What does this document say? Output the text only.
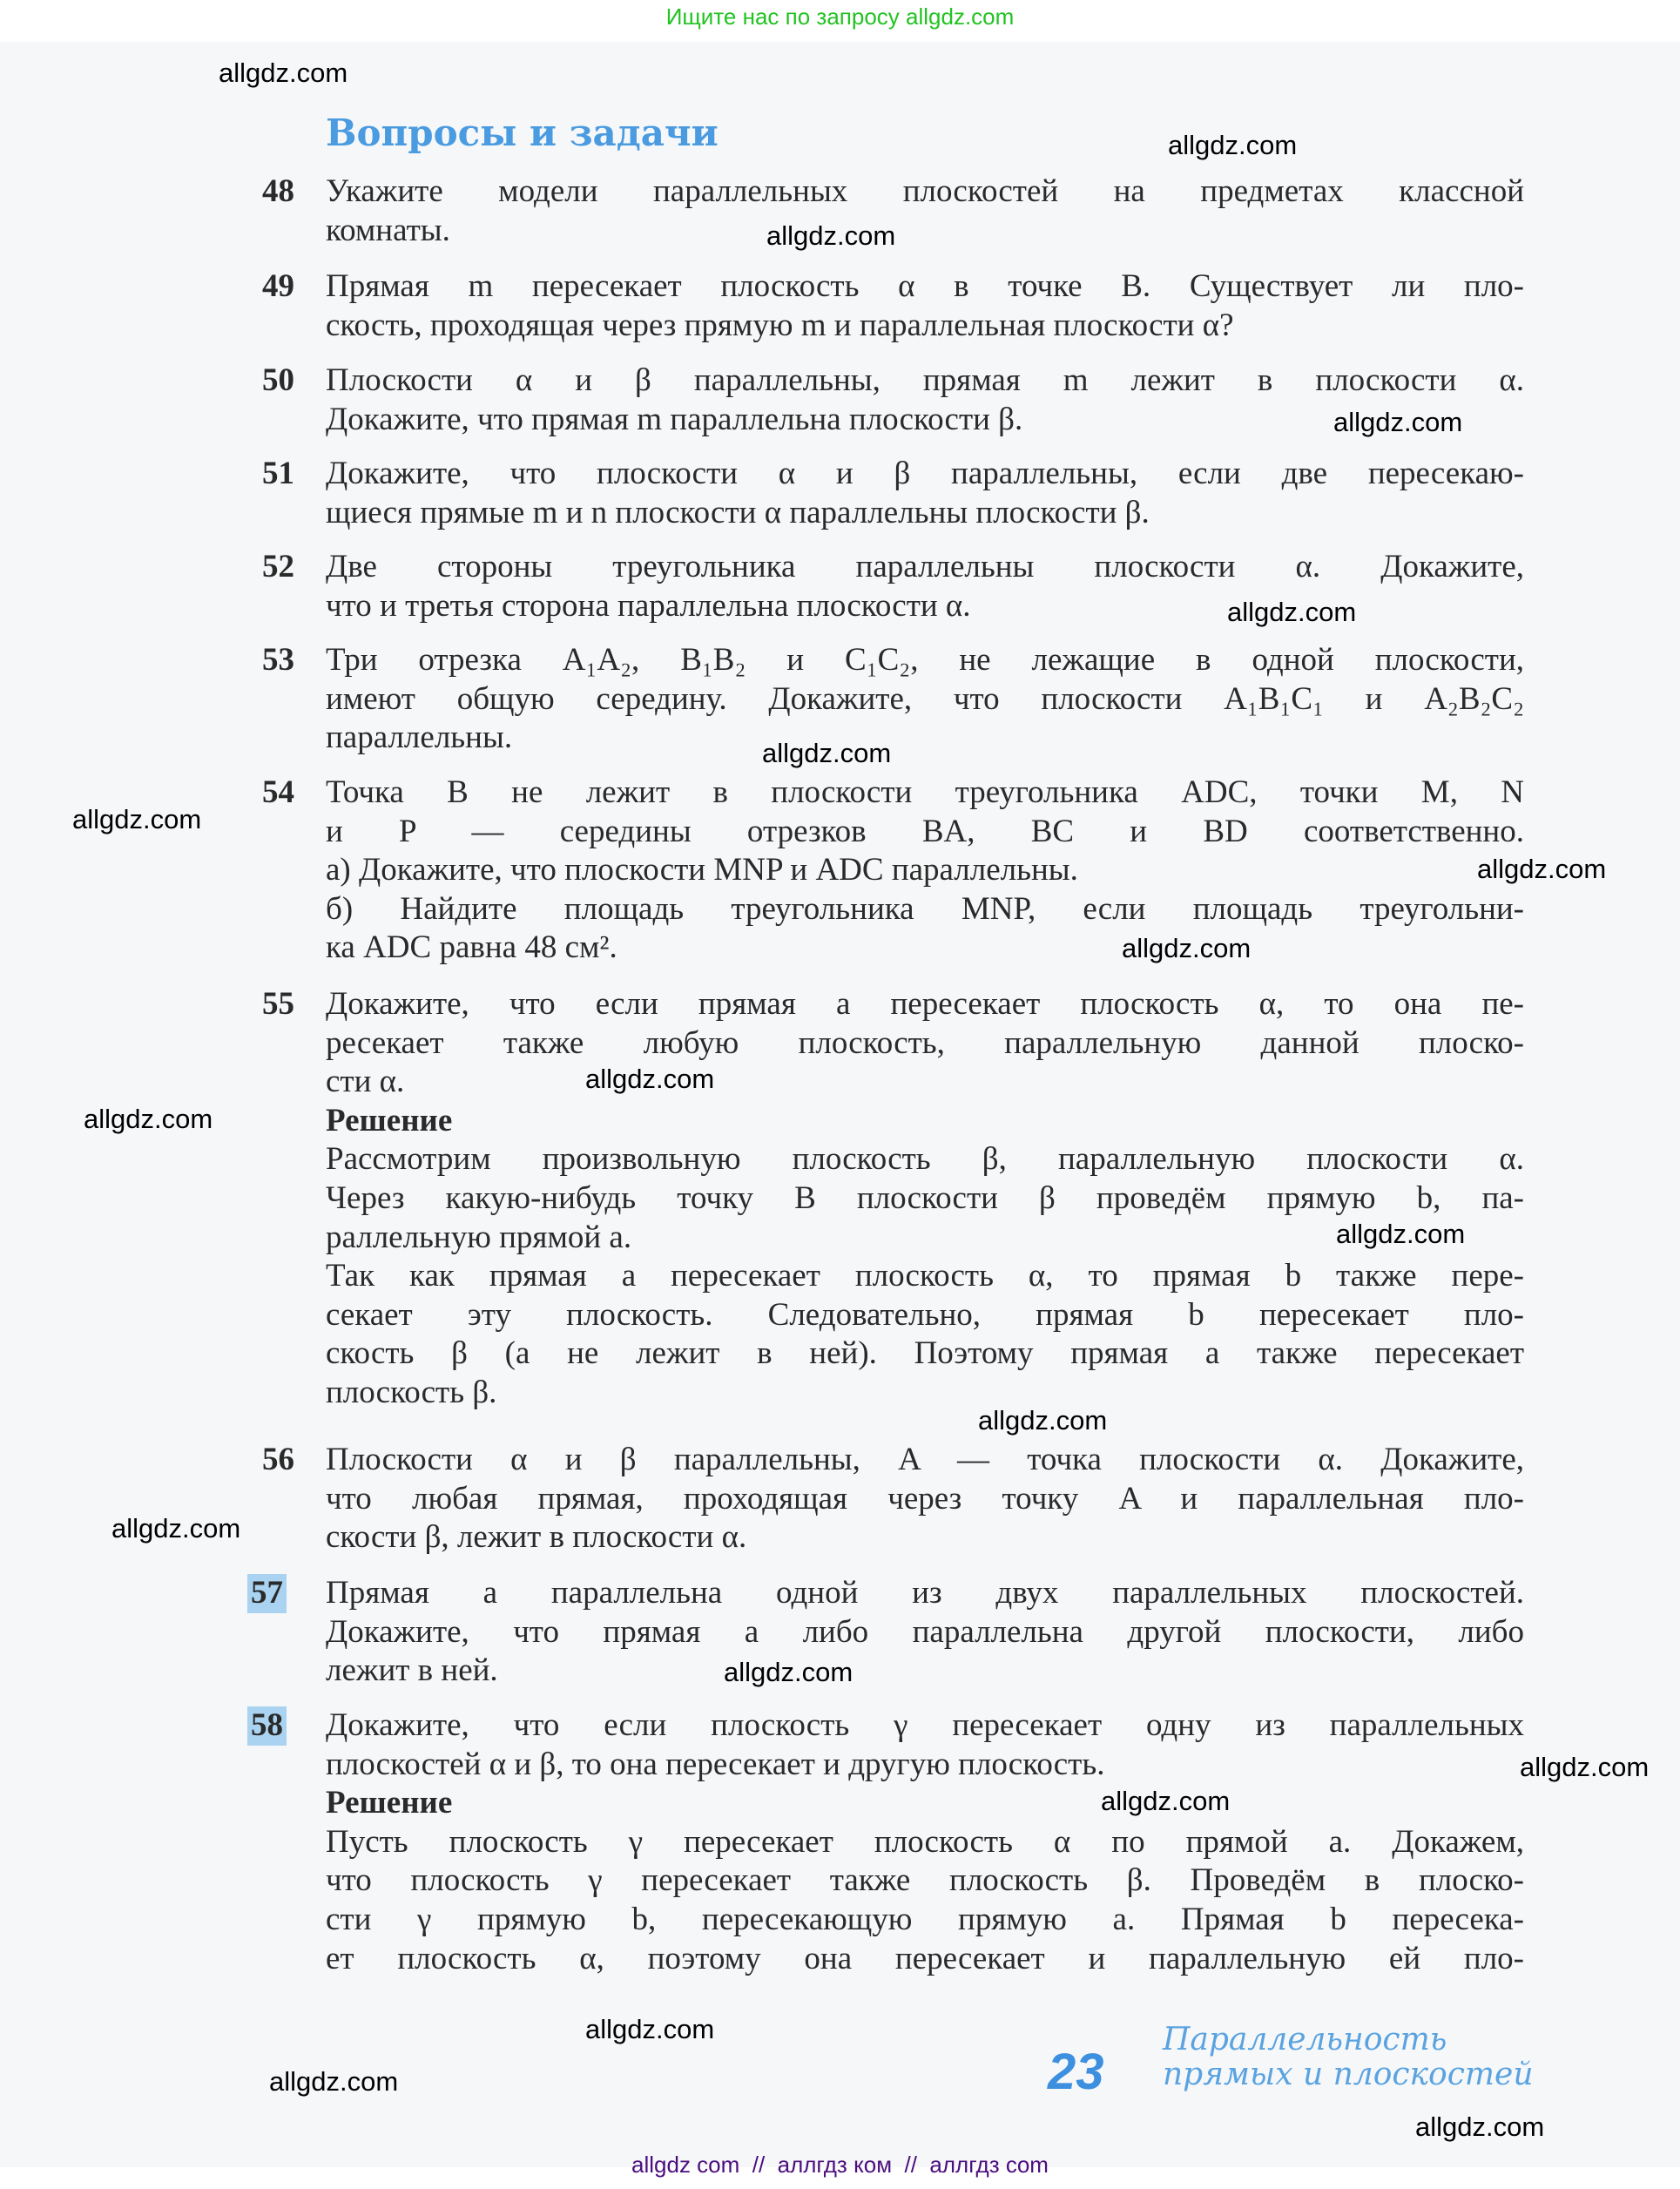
Ищите нас по запросу allgdz.com
Вопросы и задачи
48 Укажите модели параллельных плоскостей на предметах классной
комнаты.
49 Прямая m пересекает плоскость α в точке B. Существует ли пло-
скость, проходящая через прямую m и параллельная плоскости α?
50 Плоскости α и β параллельны, прямая m лежит в плоскости α.
Докажите, что прямая m параллельна плоскости β.
51 Докажите, что плоскости α и β параллельны, если две пересекаю-
щиеся прямые m и n плоскости α параллельны плоскости β.
52 Две стороны треугольника параллельны плоскости α. Докажите,
что и третья сторона параллельна плоскости α.
53 Три отрезка A₁A₂, B₁B₂ и C₁C₂, не лежащие в одной плоскости,
имеют общую середину. Докажите, что плоскости A₁B₁C₁ и A₂B₂C₂
параллельны.
54 Точка B не лежит в плоскости треугольника ADC, точки M, N
и P — середины отрезков BA, BC и BD соответственно.
а) Докажите, что плоскости MNP и ADC параллельны.
б) Найдите площадь треугольника MNP, если площадь треугольни-
ка ADC равна 48 см².
55 Докажите, что если прямая a пересекает плоскость α, то она пе-
ресекает также любую плоскость, параллельную данной плоско-
сти α.
Решение
Рассмотрим произвольную плоскость β, параллельную плоскости α.
Через какую-нибудь точку B плоскости β проведём прямую b, па-
раллельную прямой a.
Так как прямая a пересекает плоскость α, то прямая b также пере-
секает эту плоскость. Следовательно, прямая b пересекает пло-
скость β (а не лежит в ней). Поэтому прямая a также пересекает
плоскость β.
56 Плоскости α и β параллельны, A — точка плоскости α. Докажите,
что любая прямая, проходящая через точку A и параллельная пло-
скости β, лежит в плоскости α.
57 Прямая a параллельна одной из двух параллельных плоскостей.
Докажите, что прямая a либо параллельна другой плоскости, либо
лежит в ней.
58 Докажите, что если плоскость γ пересекает одну из параллельных
плоскостей α и β, то она пересекает и другую плоскость.
Решение
Пусть плоскость γ пересекает плоскость α по прямой a. Докажем,
что плоскость γ пересекает также плоскость β. Проведём в плоско-
сти γ прямую b, пересекающую прямую a. Прямая b пересека-
ет плоскость α, поэтому она пересекает и параллельную ей пло-
23
Параллельность
прямых и плоскостей
allgdz.com
allgdz.com
allgdz.com
allgdz.com
allgdz.com
allgdz.com
allgdz.com
allgdz.com
allgdz.com
allgdz.com
allgdz.com
allgdz.com
allgdz.com
allgdz.com
allgdz.com
allgdz.com
allgdz.com
allgdz.com
allgdz.com
allgdz.com
allgdz com  //  аллгдз ком  //  аллгдз com
